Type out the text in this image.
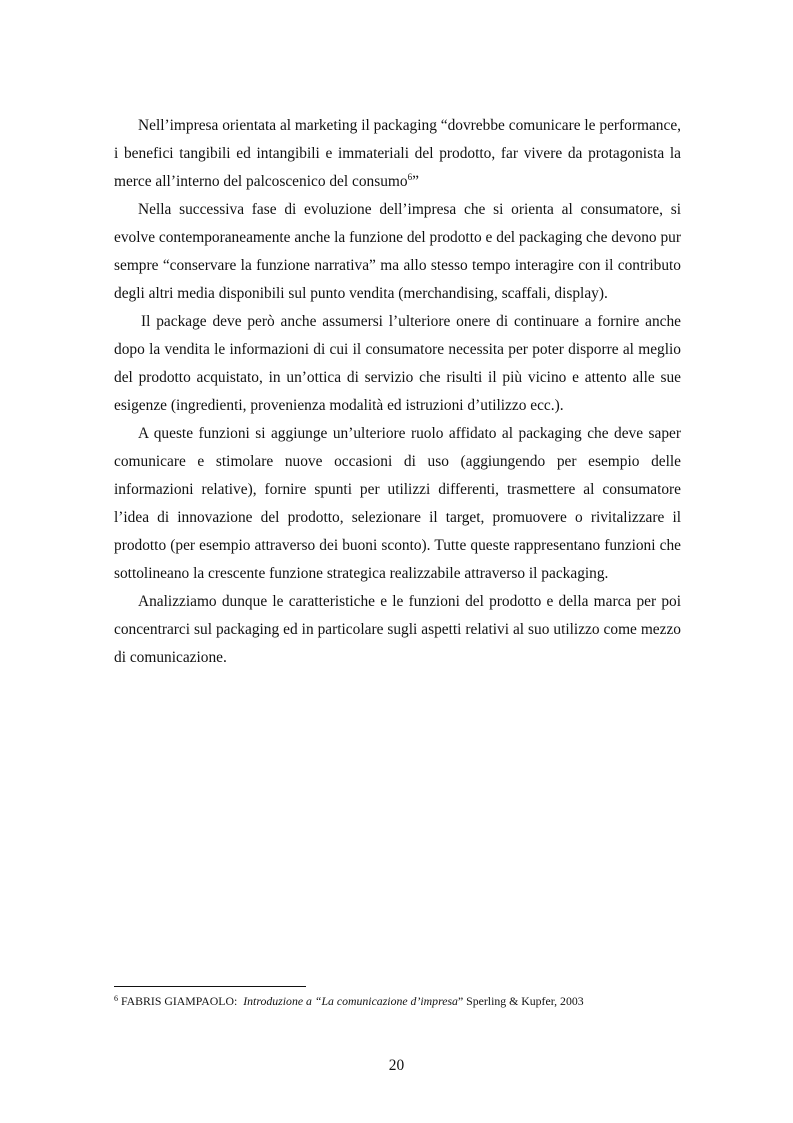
Nell’impresa orientata al marketing il packaging “dovrebbe comunicare le performance, i benefici tangibili ed intangibili e immateriali del prodotto, far vivere da protagonista la merce all’interno del palcoscenico del consumo$^6$”

Nella successiva fase di evoluzione dell’impresa che si orienta al consumatore, si evolve contemporaneamente anche la funzione del prodotto e del packaging che devono pur sempre “conservare la funzione narrativa” ma allo stesso tempo interagire con il contributo degli altri media disponibili sul punto vendita (merchandising, scaffali, display).

Il package deve però anche assumersi l’ulteriore onere di continuare a fornire anche dopo la vendita le informazioni di cui il consumatore necessita per poter disporre al meglio del prodotto acquistato, in un’ottica di servizio che risulti il più vicino e attento alle sue esigenze (ingredienti, provenienza modalità ed istruzioni d’utilizzo ecc.).

A queste funzioni si aggiunge un’ulteriore ruolo affidato al packaging che deve saper comunicare e stimolare nuove occasioni di uso (aggiungendo per esempio delle informazioni relative), fornire spunti per utilizzi differenti, trasmettere al consumatore l’idea di innovazione del prodotto, selezionare il target, promuovere o rivitalizzare il prodotto (per esempio attraverso dei buoni sconto). Tutte queste rappresentano funzioni che sottolineano la crescente funzione strategica realizzabile attraverso il packaging.

Analizziamo dunque le caratteristiche e le funzioni del prodotto e della marca per poi concentrarci sul packaging ed in particolare sugli aspetti relativi al suo utilizzo come mezzo di comunicazione.

$^6$ FABRIS GIAMPAOLO: Introduzione a “La comunicazione d’impresa” Sperling & Kupfer, 2003
20
